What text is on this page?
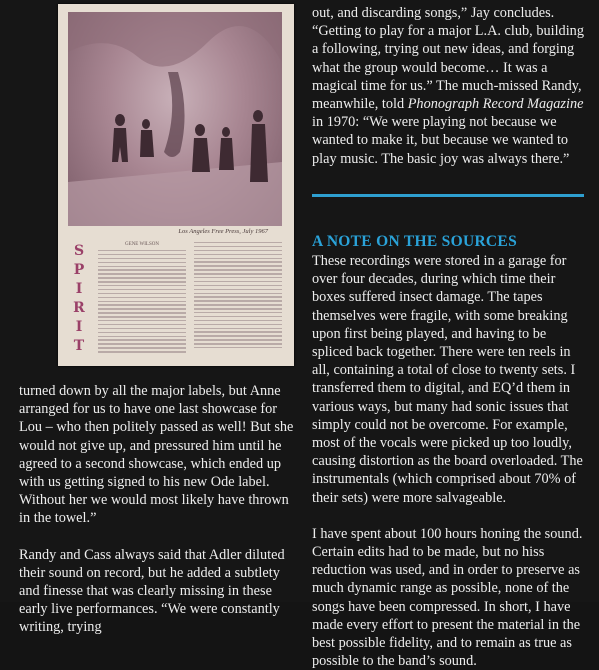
Los Angeles Free Press, July 1967
SPIRIT
GENE WILSON

turned down by all the major labels, but Anne arranged for us to have one last showcase for Lou – who then politely passed as well! But she would not give up, and pressured him until he agreed to a second showcase, which ended up with us getting signed to his new Ode label. Without her we would most likely have thrown in the towel.”

Randy and Cass always said that Adler diluted their sound on record, but he added a subtlety and finesse that was clearly missing in these early live performances. “We were constantly writing, trying

out, and discarding songs,” Jay concludes. “Getting to play for a major L.A. club, building a following, trying out new ideas, and forging what the group would become… It was a magical time for us.” The much-missed Randy, meanwhile, told Phonograph Record Magazine in 1970: “We were playing not because we wanted to make it, but because we wanted to play music. The basic joy was always there.”

A NOTE ON THE SOURCES

These recordings were stored in a garage for over four decades, during which time their boxes suffered insect damage. The tapes themselves were fragile, with some breaking upon first being played, and having to be spliced back together. There were ten reels in all, containing a total of close to twenty sets. I transferred them to digital, and EQ’d them in various ways, but many had sonic issues that simply could not be overcome. For example, most of the vocals were picked up too loudly, causing distortion as the board overloaded. The instrumentals (which comprised about 70% of their sets) were more salvageable.

I have spent about 100 hours honing the sound. Certain edits had to be made, but no hiss reduction was used, and in order to preserve as much dynamic range as possible, none of the songs have been compressed. In short, I have made every effort to present the material in the best possible fidelity, and to remain as true as possible to the band’s sound.
